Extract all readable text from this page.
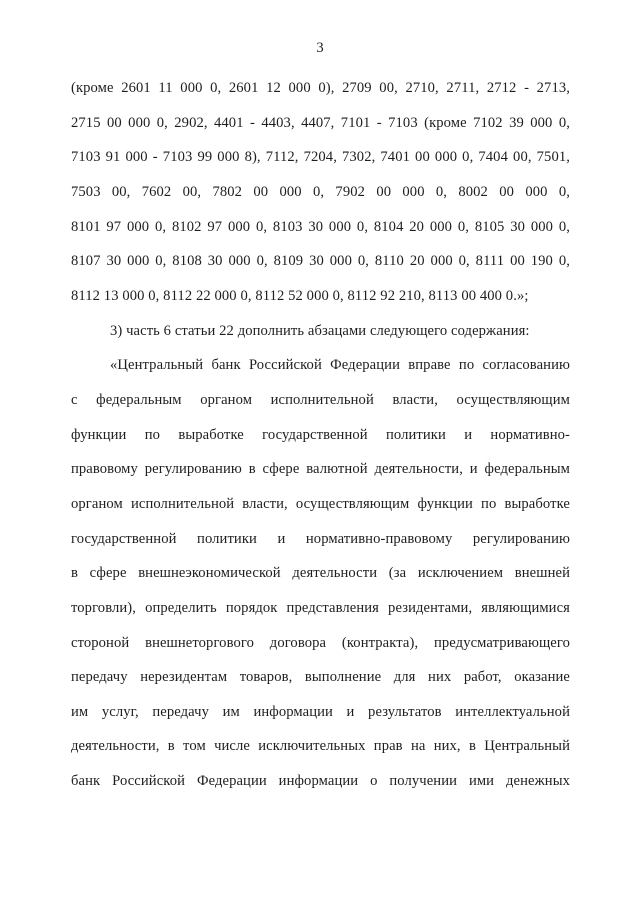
3
(кроме 2601 11 000 0, 2601 12 000 0), 2709 00, 2710, 2711, 2712 - 2713,
2715 00 000 0, 2902, 4401 - 4403, 4407, 7101 - 7103 (кроме 7102 39 000 0,
7103 91 000 - 7103 99 000 8), 7112, 7204, 7302, 7401 00 000 0, 7404 00, 7501,
7503 00, 7602 00, 7802 00 000 0, 7902 00 000 0, 8002 00 000 0,
8101 97 000 0, 8102 97 000 0, 8103 30 000 0, 8104 20 000 0, 8105 30 000 0,
8107 30 000 0, 8108 30 000 0, 8109 30 000 0, 8110 20 000 0, 8111 00 190 0,
8112 13 000 0, 8112 22 000 0, 8112 52 000 0, 8112 92 210, 8113 00 400 0.»;
3) часть 6 статьи 22 дополнить абзацами следующего содержания:
«Центральный банк Российской Федерации вправе по согласованию
с федеральным органом исполнительной власти, осуществляющим
функции по выработке государственной политики и нормативно-
правовому регулированию в сфере валютной деятельности, и федеральным
органом исполнительной власти, осуществляющим функции по выработке
государственной политики и нормативно-правовому регулированию
в сфере внешнеэкономической деятельности (за исключением внешней
торговли), определить порядок представления резидентами, являющимися
стороной внешнеторгового договора (контракта), предусматривающего
передачу нерезидентам товаров, выполнение для них работ, оказание
им услуг, передачу им информации и результатов интеллектуальной
деятельности, в том числе исключительных прав на них, в Центральный
банк Российской Федерации информации о получении ими денежных
